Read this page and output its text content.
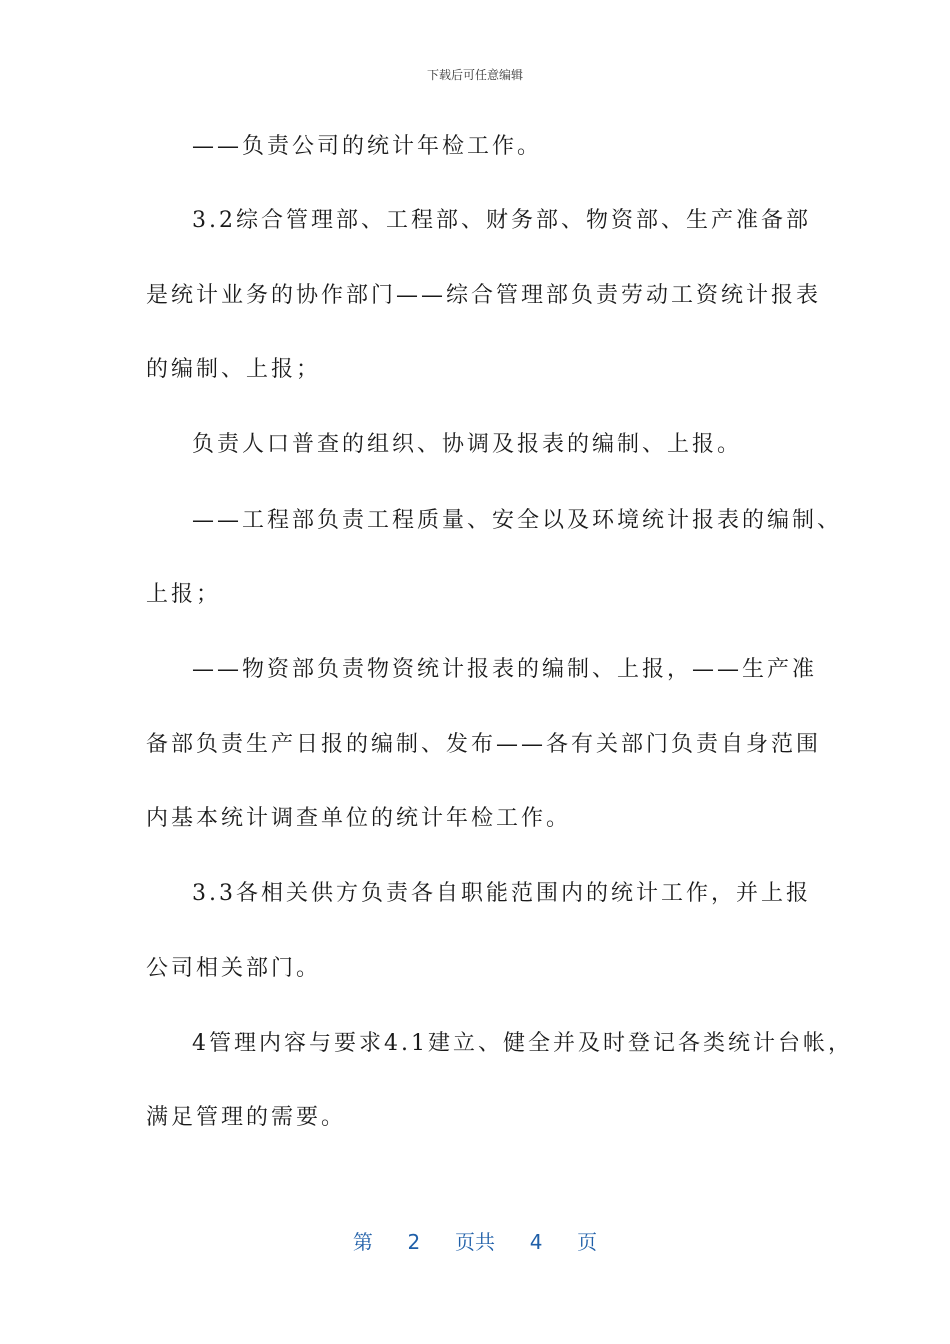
下载后可任意编辑
——负责公司的统计年检工作。
3.2综合管理部、工程部、财务部、物资部、生产准备部
是统计业务的协作部门——综合管理部负责劳动工资统计报表
的编制、上报；
负责人口普查的组织、协调及报表的编制、上报。
——工程部负责工程质量、安全以及环境统计报表的编制、
上报；
——物资部负责物资统计报表的编制、上报，——生产准
备部负责生产日报的编制、发布——各有关部门负责自身范围
内基本统计调查单位的统计年检工作。
3.3各相关供方负责各自职能范围内的统计工作，并上报
公司相关部门。
4管理内容与要求4.1建立、健全并及时登记各类统计台帐，
满足管理的需要。
第 2 页共 4 页
